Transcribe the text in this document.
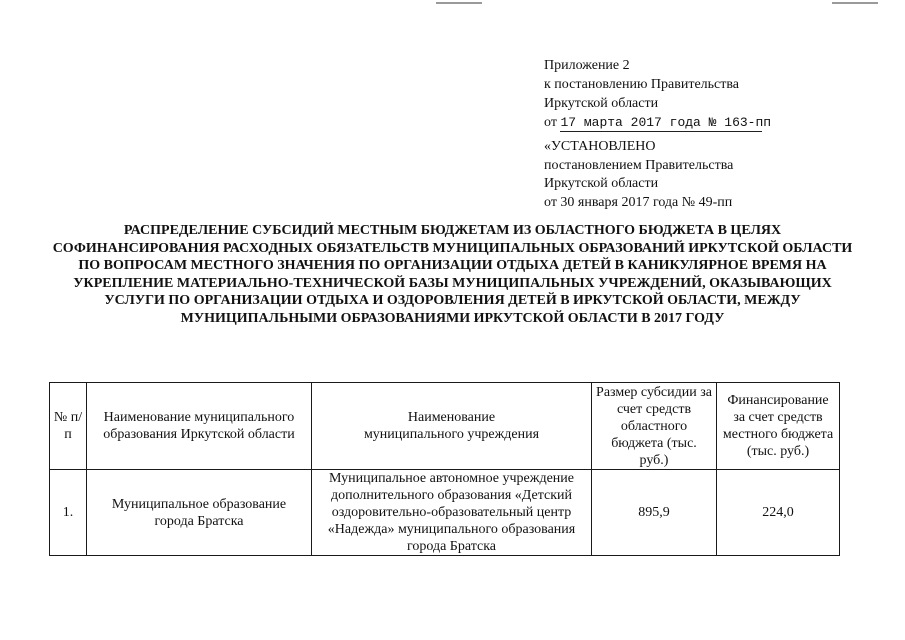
Приложение 2
к постановлению Правительства
Иркутской области
от 17 марта 2017 года № 163-пп
«УСТАНОВЛЕНО
постановлением Правительства
Иркутской области
от 30 января 2017 года № 49-пп
РАСПРЕДЕЛЕНИЕ СУБСИДИЙ МЕСТНЫМ БЮДЖЕТАМ ИЗ ОБЛАСТНОГО БЮДЖЕТА В ЦЕЛЯХ СОФИНАНСИРОВАНИЯ РАСХОДНЫХ ОБЯЗАТЕЛЬСТВ МУНИЦИПАЛЬНЫХ ОБРАЗОВАНИЙ ИРКУТСКОЙ ОБЛАСТИ ПО ВОПРОСАМ МЕСТНОГО ЗНАЧЕНИЯ ПО ОРГАНИЗАЦИИ ОТДЫХА ДЕТЕЙ В КАНИКУЛЯРНОЕ ВРЕМЯ НА УКРЕПЛЕНИЕ МАТЕРИАЛЬНО-ТЕХНИЧЕСКОЙ БАЗЫ МУНИЦИПАЛЬНЫХ УЧРЕЖДЕНИЙ, ОКАЗЫВАЮЩИХ УСЛУГИ ПО ОРГАНИЗАЦИИ ОТДЫХА И ОЗДОРОВЛЕНИЯ ДЕТЕЙ В ИРКУТСКОЙ ОБЛАСТИ, МЕЖДУ МУНИЦИПАЛЬНЫМИ ОБРАЗОВАНИЯМИ ИРКУТСКОЙ ОБЛАСТИ В 2017 ГОДУ
№ п/п	Наименование муниципального образования Иркутской области	Наименование муниципального учреждения	Размер субсидии за счет средств областного бюджета (тыс. руб.)	Финансирование за счет средств местного бюджета (тыс. руб.)
1.	Муниципальное образование города Братска	Муниципальное автономное учреждение дополнительного образования «Детский оздоровительно-образовательный центр «Надежда» муниципального образования города Братска	895,9	224,0
